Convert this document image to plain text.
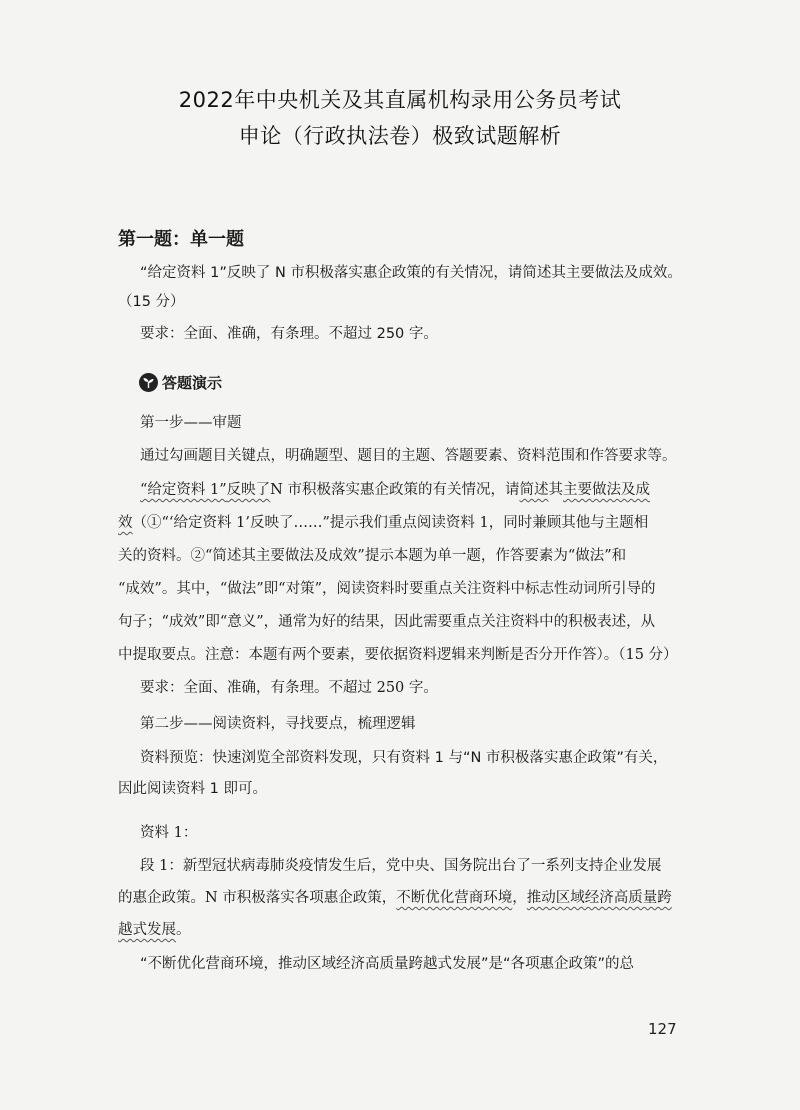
2022年中央机关及其直属机构录用公务员考试
申论（行政执法卷）极致试题解析
第一题：单一题
“给定资料 1”反映了 N 市积极落实惠企政策的有关情况，请简述其主要做法及成效。
（15 分）
要求：全面、准确，有条理。不超过 250 字。
答题演示
第一步——审题
通过勾画题目关键点，明确题型、题目的主题、答题要素、资料范围和作答要求等。
“给定资料 1”反映了N 市积极落实惠企政策的有关情况，请简述其主要做法及成
效（①“‘给定资料 1’反映了……”提示我们重点阅读资料 1，同时兼顾其他与主题相
关的资料。②“简述其主要做法及成效”提示本题为单一题，作答要素为“做法”和
“成效”。其中，“做法”即“对策”，阅读资料时要重点关注资料中标志性动词所引导的
句子；“成效”即“意义”，通常为好的结果，因此需要重点关注资料中的积极表述，从
中提取要点。注意：本题有两个要素，要依据资料逻辑来判断是否分开作答）。（15 分）
要求：全面、准确，有条理。不超过 250 字。
第二步——阅读资料，寻找要点，梳理逻辑
资料预览：快速浏览全部资料发现，只有资料 1 与“N 市积极落实惠企政策”有关，
因此阅读资料 1 即可。
资料 1：
段 1：新型冠状病毒肺炎疫情发生后，党中央、国务院出台了一系列支持企业发展
的惠企政策。N 市积极落实各项惠企政策，不断优化营商环境，推动区域经济高质量跨
越式发展。
“不断优化营商环境，推动区域经济高质量跨越式发展”是“各项惠企政策”的总
127
